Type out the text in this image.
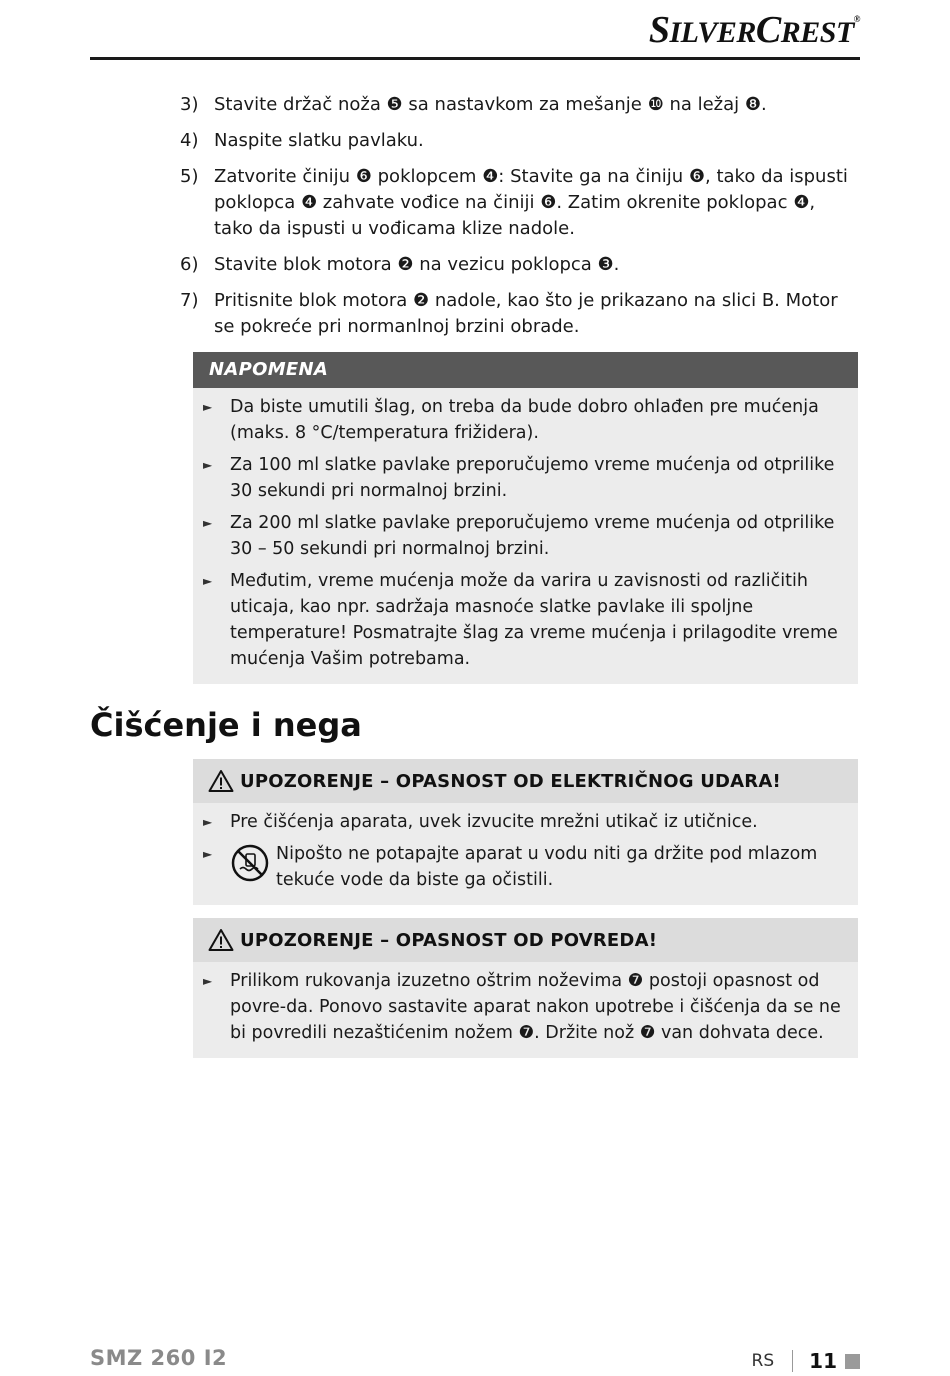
SILVERCREST®
3) Stavite držač noža ❺ sa nastavkom za mešanje ❿ na ležaj ❽.
4) Naspite slatku pavlaku.
5) Zatvorite činiju ❻ poklopcem ❹: Stavite ga na činiju ❻, tako da ispusti poklopca ❹ zahvate vođice na činiji ❻. Zatim okrenite poklopac ❹, tako da ispusti u vođicama klize nadole.
6) Stavite blok motora ❷ na vezicu poklopca ❸.
7) Pritisnite blok motora ❷ nadole, kao što je prikazano na slici B. Motor se pokreće pri normanlnoj brzini obrade.
NAPOMENA
►	Da biste umutili šlag, on treba da bude dobro ohlađen pre mućenja (maks. 8 °C/temperatura frižidera).
►	Za 100 ml slatke pavlake preporučujemo vreme mućenja od otprilike 30 sekundi pri normalnoj brzini.
►	Za 200 ml slatke pavlake preporučujemo vreme mućenja od otprilike 30 – 50 sekundi pri normalnoj brzini.
►	Međutim, vreme mućenja može da varira u zavisnosti od različitih uticaja, kao npr. sadržaja masnoće slatke pavlake ili spoljne temperature! Posmatrajte šlag za vreme mućenja i prilagodite vreme mućenja Vašim potrebama.
Čišćenje i nega
UPOZORENJE – OPASNOST OD ELEKTRIČNOG UDARA!
►	Pre čišćenja aparata, uvek izvucite mrežni utikač iz utičnice.
►	Nipošto ne potapajte aparat u vodu niti ga držite pod mlazom tekuće vode da biste ga očistili.
UPOZORENJE – OPASNOST OD POVREDA!
►	Prilikom rukovanja izuzetno oštrim noževima ❼ postoji opasnost od povre-da. Ponovo sastavite aparat nakon upotrebe i čišćenja da se ne bi povredili nezaštićenim nožem ❼. Držite nož ❼ van dohvata dece.
SMZ 260 I2	RS 11
